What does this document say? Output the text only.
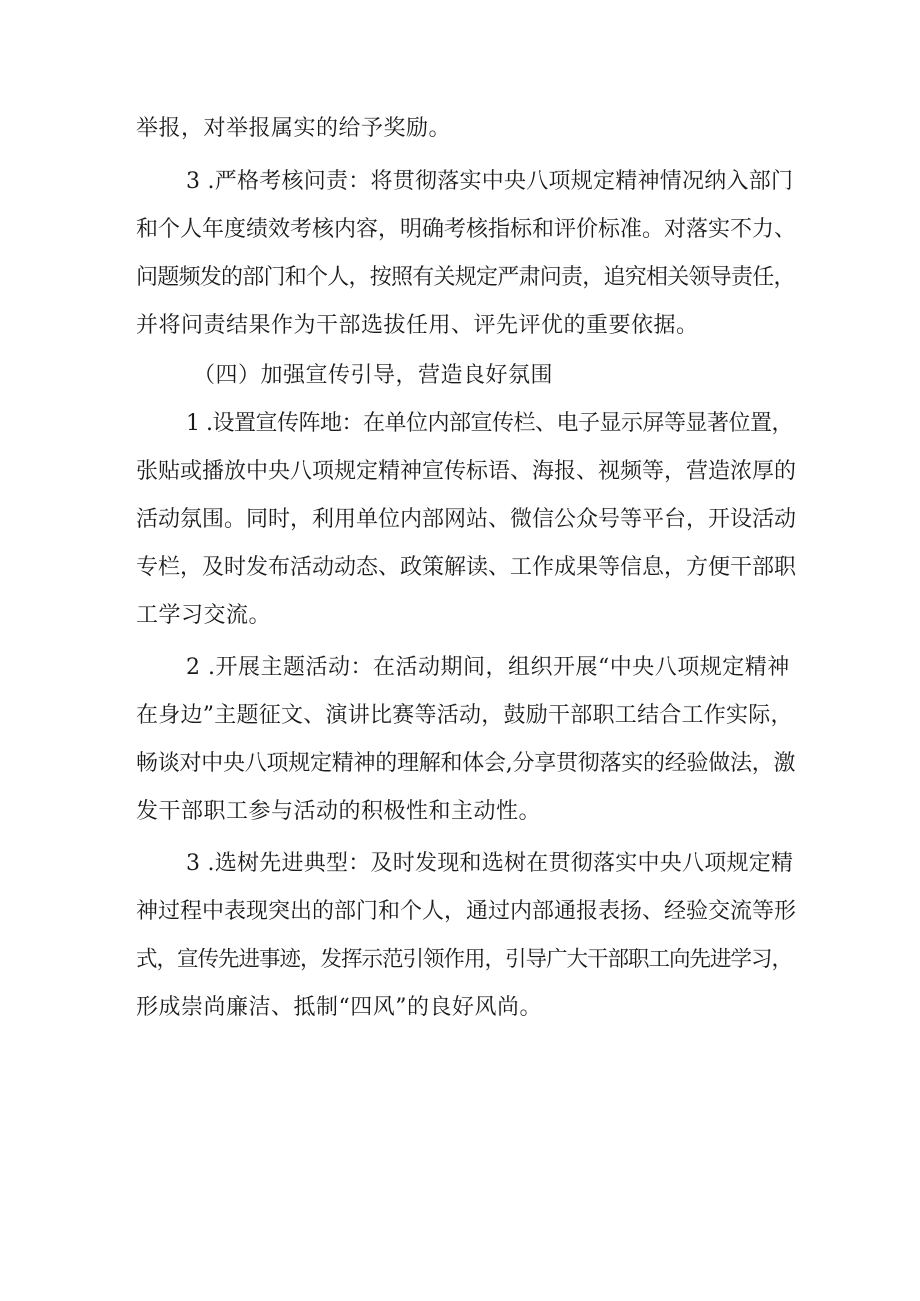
举报，对举报属实的给予奖励。
3 .严格考核问责：将贯彻落实中央八项规定精神情况纳入部门
和个人年度绩效考核内容，明确考核指标和评价标准。对落实不力、
问题频发的部门和个人，按照有关规定严肃问责，追究相关领导责任，
并将问责结果作为干部选拔任用、评先评优的重要依据。
（四）加强宣传引导，营造良好氛围
1 .设置宣传阵地：在单位内部宣传栏、电子显示屏等显著位置，
张贴或播放中央八项规定精神宣传标语、海报、视频等，营造浓厚的
活动氛围。同时，利用单位内部网站、微信公众号等平台，开设活动
专栏，及时发布活动动态、政策解读、工作成果等信息，方便干部职
工学习交流。
2 .开展主题活动：在活动期间，组织开展“中央八项规定精神
在身边”主题征文、演讲比赛等活动，鼓励干部职工结合工作实际，
畅谈对中央八项规定精神的理解和体会,分享贯彻落实的经验做法，激
发干部职工参与活动的积极性和主动性。
3 .选树先进典型：及时发现和选树在贯彻落实中央八项规定精
神过程中表现突出的部门和个人，通过内部通报表扬、经验交流等形
式，宣传先进事迹，发挥示范引领作用，引导广大干部职工向先进学习，
形成崇尚廉洁、抵制“四风”的良好风尚。
